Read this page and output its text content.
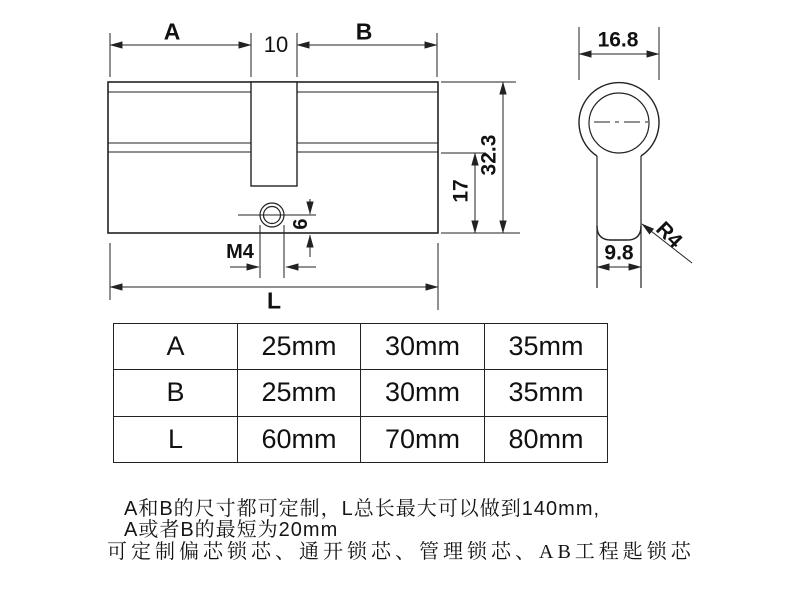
A	10	B
32.3
17
6
M4
L
16.8
9.8
R4
A	25mm	30mm	35mm
B	25mm	30mm	35mm
L	60mm	70mm	80mm
A和B的尺寸都可定制，L总长最大可以做到140mm,
A或者B的最短为20mm
可定制偏芯锁芯、通开锁芯、管理锁芯、AB工程匙锁芯
